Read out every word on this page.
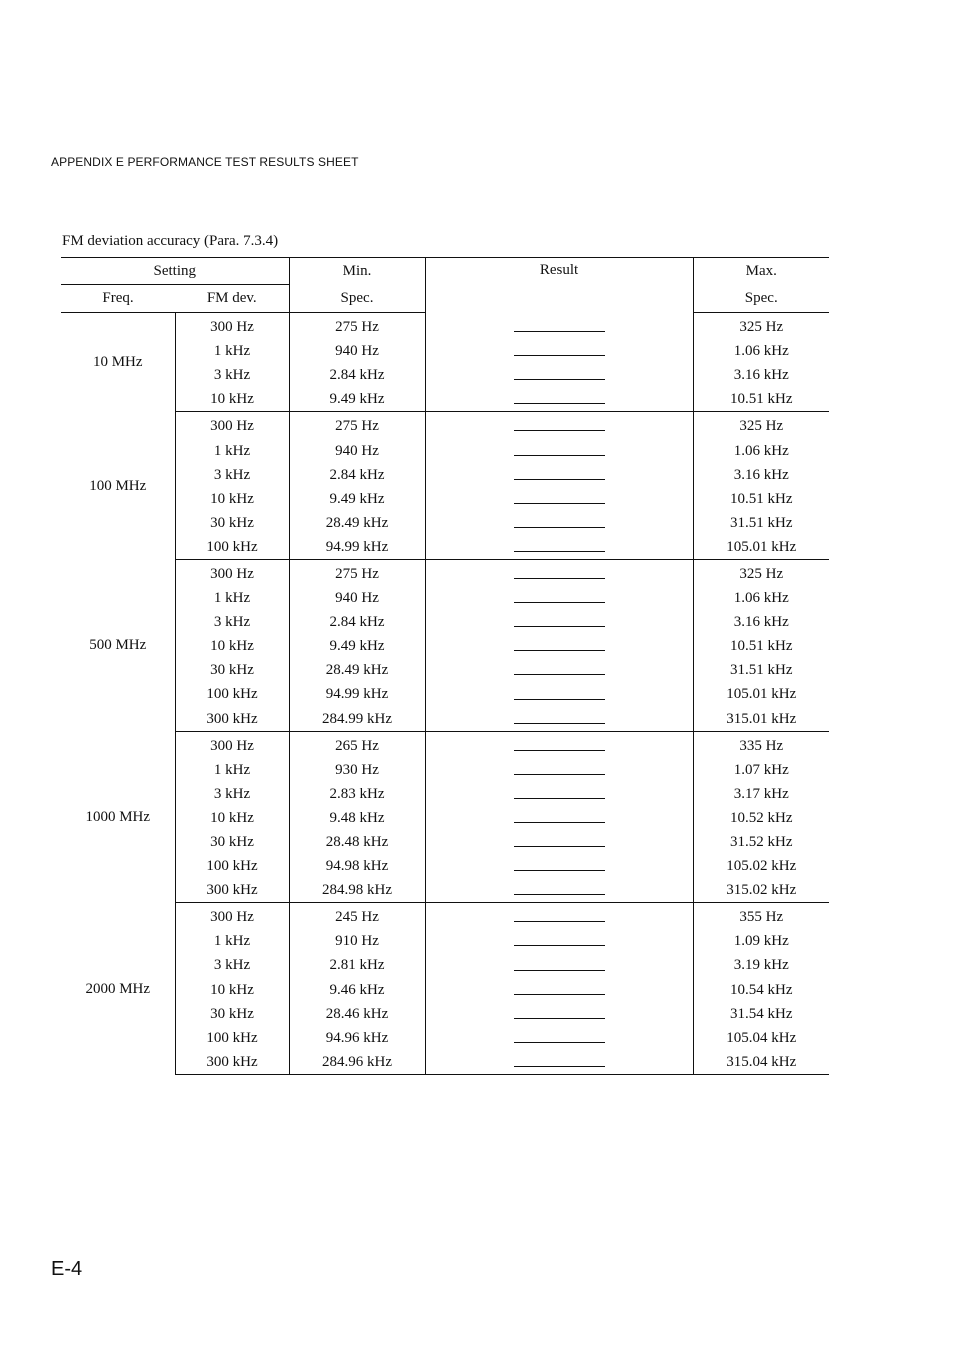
APPENDIX E PERFORMANCE TEST RESULTS SHEET
FM deviation accuracy (Para. 7.3.4)
Setting		Min.	Result	Max.
Freq.	FM dev.	Spec.		Spec.
10 MHz	300 Hz	275 Hz		325 Hz
	1 kHz	940 Hz		1.06 kHz
	3 kHz	2.84 kHz		3.16 kHz
	10 kHz	9.49 kHz		10.51 kHz
100 MHz	300 Hz	275 Hz		325 Hz
	1 kHz	940 Hz		1.06 kHz
	3 kHz	2.84 kHz		3.16 kHz
	10 kHz	9.49 kHz		10.51 kHz
	30 kHz	28.49 kHz		31.51 kHz
	100 kHz	94.99 kHz		105.01 kHz
500 MHz	300 Hz	275 Hz		325 Hz
	1 kHz	940 Hz		1.06 kHz
	3 kHz	2.84 kHz		3.16 kHz
	10 kHz	9.49 kHz		10.51 kHz
	30 kHz	28.49 kHz		31.51 kHz
	100 kHz	94.99 kHz		105.01 kHz
	300 kHz	284.99 kHz		315.01 kHz
1000 MHz	300 Hz	265 Hz		335 Hz
	1 kHz	930 Hz		1.07 kHz
	3 kHz	2.83 kHz		3.17 kHz
	10 kHz	9.48 kHz		10.52 kHz
	30 kHz	28.48 kHz		31.52 kHz
	100 kHz	94.98 kHz		105.02 kHz
	300 kHz	284.98 kHz		315.02 kHz
2000 MHz	300 Hz	245 Hz		355 Hz
	1 kHz	910 Hz		1.09 kHz
	3 kHz	2.81 kHz		3.19 kHz
	10 kHz	9.46 kHz		10.54 kHz
	30 kHz	28.46 kHz		31.54 kHz
	100 kHz	94.96 kHz		105.04 kHz
	300 kHz	284.96 kHz		315.04 kHz
E-4
